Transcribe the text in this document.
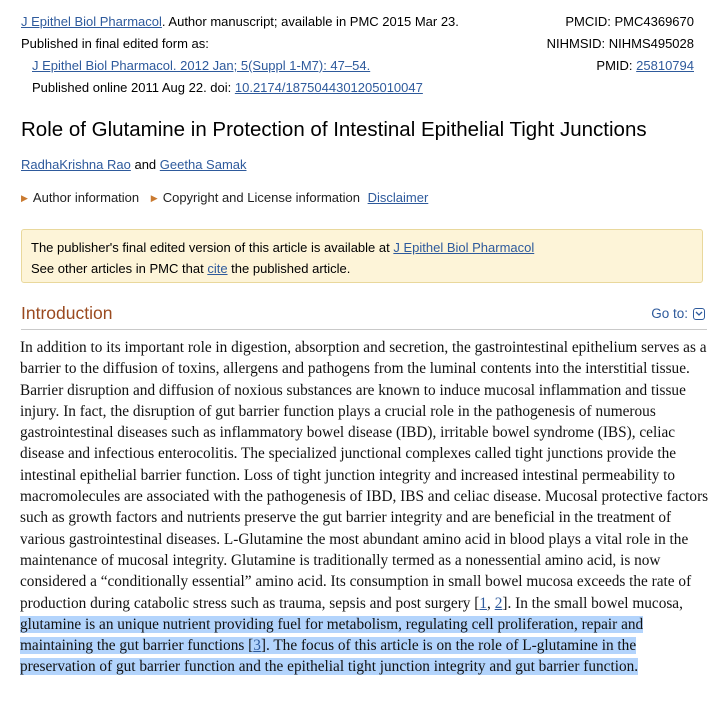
J Epithel Biol Pharmacol. Author manuscript; available in PMC 2015 Mar 23.
Published in final edited form as:
J Epithel Biol Pharmacol. 2012 Jan; 5(Suppl 1-M7): 47–54.
Published online 2011 Aug 22. doi: 10.2174/1875044301205010047
PMCID: PMC4369670
NIHMSID: NIHMS495028
PMID: 25810794
Role of Glutamine in Protection of Intestinal Epithelial Tight Junctions
RadhaKrishna Rao and Geetha Samak
▶ Author information ▶ Copyright and License information Disclaimer
The publisher's final edited version of this article is available at J Epithel Biol Pharmacol
See other articles in PMC that cite the published article.
Introduction	Go to:

In addition to its important role in digestion, absorption and secretion, the gastrointestinal epithelium serves as a barrier to the diffusion of toxins, allergens and pathogens from the luminal contents into the interstitial tissue. Barrier disruption and diffusion of noxious substances are known to induce mucosal inflammation and tissue injury. In fact, the disruption of gut barrier function plays a crucial role in the pathogenesis of numerous gastrointestinal diseases such as inflammatory bowel disease (IBD), irritable bowel syndrome (IBS), celiac disease and infectious enterocolitis. The specialized junctional complexes called tight junctions provide the intestinal epithelial barrier function. Loss of tight junction integrity and increased intestinal permeability to macromolecules are associated with the pathogenesis of IBD, IBS and celiac disease. Mucosal protective factors such as growth factors and nutrients preserve the gut barrier integrity and are beneficial in the treatment of various gastrointestinal diseases. L-Glutamine the most abundant amino acid in blood plays a vital role in the maintenance of mucosal integrity. Glutamine is traditionally termed as a nonessential amino acid, is now considered a “conditionally essential” amino acid. Its consumption in small bowel mucosa exceeds the rate of production during catabolic stress such as trauma, sepsis and post surgery [1, 2]. In the small bowel mucosa, glutamine is an unique nutrient providing fuel for metabolism, regulating cell proliferation, repair and maintaining the gut barrier functions [3]. The focus of this article is on the role of L-glutamine in the preservation of gut barrier function and the epithelial tight junction integrity and gut barrier function.
